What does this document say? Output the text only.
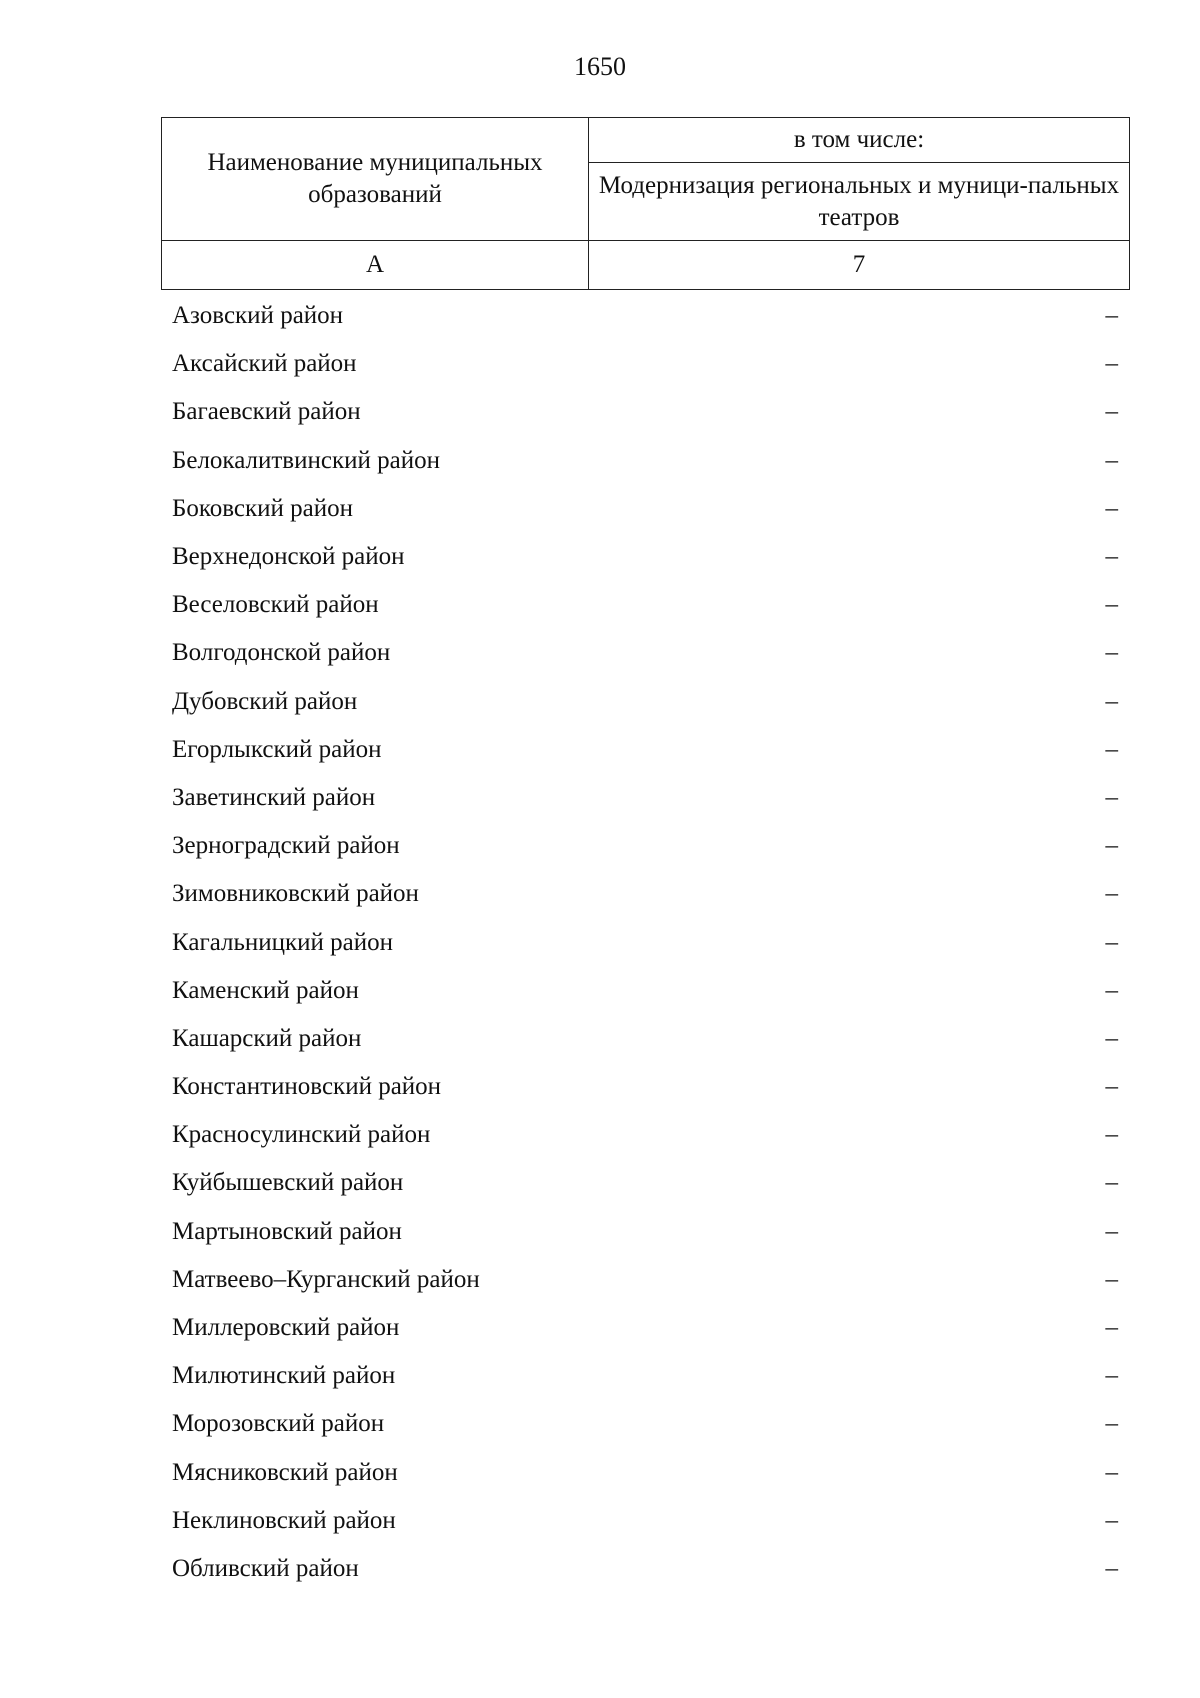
1650
Наименование муниципальных образований	в том числе:
	Модернизация региональных и муници-пальных театров
А	7
Азовский район	–
Аксайский район	–
Багаевский район	–
Белокалитвинский район	–
Боковский район	–
Верхнедонской район	–
Веселовский район	–
Волгодонской район	–
Дубовский район	–
Егорлыкский район	–
Заветинский район	–
Зерноградский район	–
Зимовниковский район	–
Кагальницкий район	–
Каменский район	–
Кашарский район	–
Константиновский район	–
Красносулинский район	–
Куйбышевский район	–
Мартыновский район	–
Матвеево–Курганский район	–
Миллеровский район	–
Милютинский район	–
Морозовский район	–
Мясниковский район	–
Неклиновский район	–
Обливский район	–
